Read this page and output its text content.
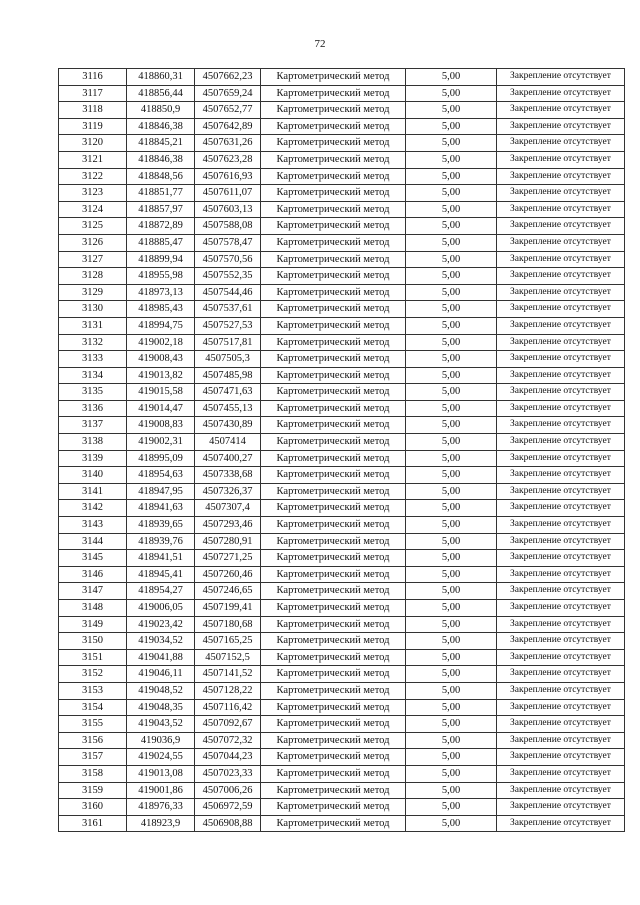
72
3116	418860,31	4507662,23	Картометрический метод	5,00	Закрепление отсутствует
3117	418856,44	4507659,24	Картометрический метод	5,00	Закрепление отсутствует
3118	418850,9	4507652,77	Картометрический метод	5,00	Закрепление отсутствует
3119	418846,38	4507642,89	Картометрический метод	5,00	Закрепление отсутствует
3120	418845,21	4507631,26	Картометрический метод	5,00	Закрепление отсутствует
3121	418846,38	4507623,28	Картометрический метод	5,00	Закрепление отсутствует
3122	418848,56	4507616,93	Картометрический метод	5,00	Закрепление отсутствует
3123	418851,77	4507611,07	Картометрический метод	5,00	Закрепление отсутствует
3124	418857,97	4507603,13	Картометрический метод	5,00	Закрепление отсутствует
3125	418872,89	4507588,08	Картометрический метод	5,00	Закрепление отсутствует
3126	418885,47	4507578,47	Картометрический метод	5,00	Закрепление отсутствует
3127	418899,94	4507570,56	Картометрический метод	5,00	Закрепление отсутствует
3128	418955,98	4507552,35	Картометрический метод	5,00	Закрепление отсутствует
3129	418973,13	4507544,46	Картометрический метод	5,00	Закрепление отсутствует
3130	418985,43	4507537,61	Картометрический метод	5,00	Закрепление отсутствует
3131	418994,75	4507527,53	Картометрический метод	5,00	Закрепление отсутствует
3132	419002,18	4507517,81	Картометрический метод	5,00	Закрепление отсутствует
3133	419008,43	4507505,3	Картометрический метод	5,00	Закрепление отсутствует
3134	419013,82	4507485,98	Картометрический метод	5,00	Закрепление отсутствует
3135	419015,58	4507471,63	Картометрический метод	5,00	Закрепление отсутствует
3136	419014,47	4507455,13	Картометрический метод	5,00	Закрепление отсутствует
3137	419008,83	4507430,89	Картометрический метод	5,00	Закрепление отсутствует
3138	419002,31	4507414	Картометрический метод	5,00	Закрепление отсутствует
3139	418995,09	4507400,27	Картометрический метод	5,00	Закрепление отсутствует
3140	418954,63	4507338,68	Картометрический метод	5,00	Закрепление отсутствует
3141	418947,95	4507326,37	Картометрический метод	5,00	Закрепление отсутствует
3142	418941,63	4507307,4	Картометрический метод	5,00	Закрепление отсутствует
3143	418939,65	4507293,46	Картометрический метод	5,00	Закрепление отсутствует
3144	418939,76	4507280,91	Картометрический метод	5,00	Закрепление отсутствует
3145	418941,51	4507271,25	Картометрический метод	5,00	Закрепление отсутствует
3146	418945,41	4507260,46	Картометрический метод	5,00	Закрепление отсутствует
3147	418954,27	4507246,65	Картометрический метод	5,00	Закрепление отсутствует
3148	419006,05	4507199,41	Картометрический метод	5,00	Закрепление отсутствует
3149	419023,42	4507180,68	Картометрический метод	5,00	Закрепление отсутствует
3150	419034,52	4507165,25	Картометрический метод	5,00	Закрепление отсутствует
3151	419041,88	4507152,5	Картометрический метод	5,00	Закрепление отсутствует
3152	419046,11	4507141,52	Картометрический метод	5,00	Закрепление отсутствует
3153	419048,52	4507128,22	Картометрический метод	5,00	Закрепление отсутствует
3154	419048,35	4507116,42	Картометрический метод	5,00	Закрепление отсутствует
3155	419043,52	4507092,67	Картометрический метод	5,00	Закрепление отсутствует
3156	419036,9	4507072,32	Картометрический метод	5,00	Закрепление отсутствует
3157	419024,55	4507044,23	Картометрический метод	5,00	Закрепление отсутствует
3158	419013,08	4507023,33	Картометрический метод	5,00	Закрепление отсутствует
3159	419001,86	4507006,26	Картометрический метод	5,00	Закрепление отсутствует
3160	418976,33	4506972,59	Картометрический метод	5,00	Закрепление отсутствует
3161	418923,9	4506908,88	Картометрический метод	5,00	Закрепление отсутствует
